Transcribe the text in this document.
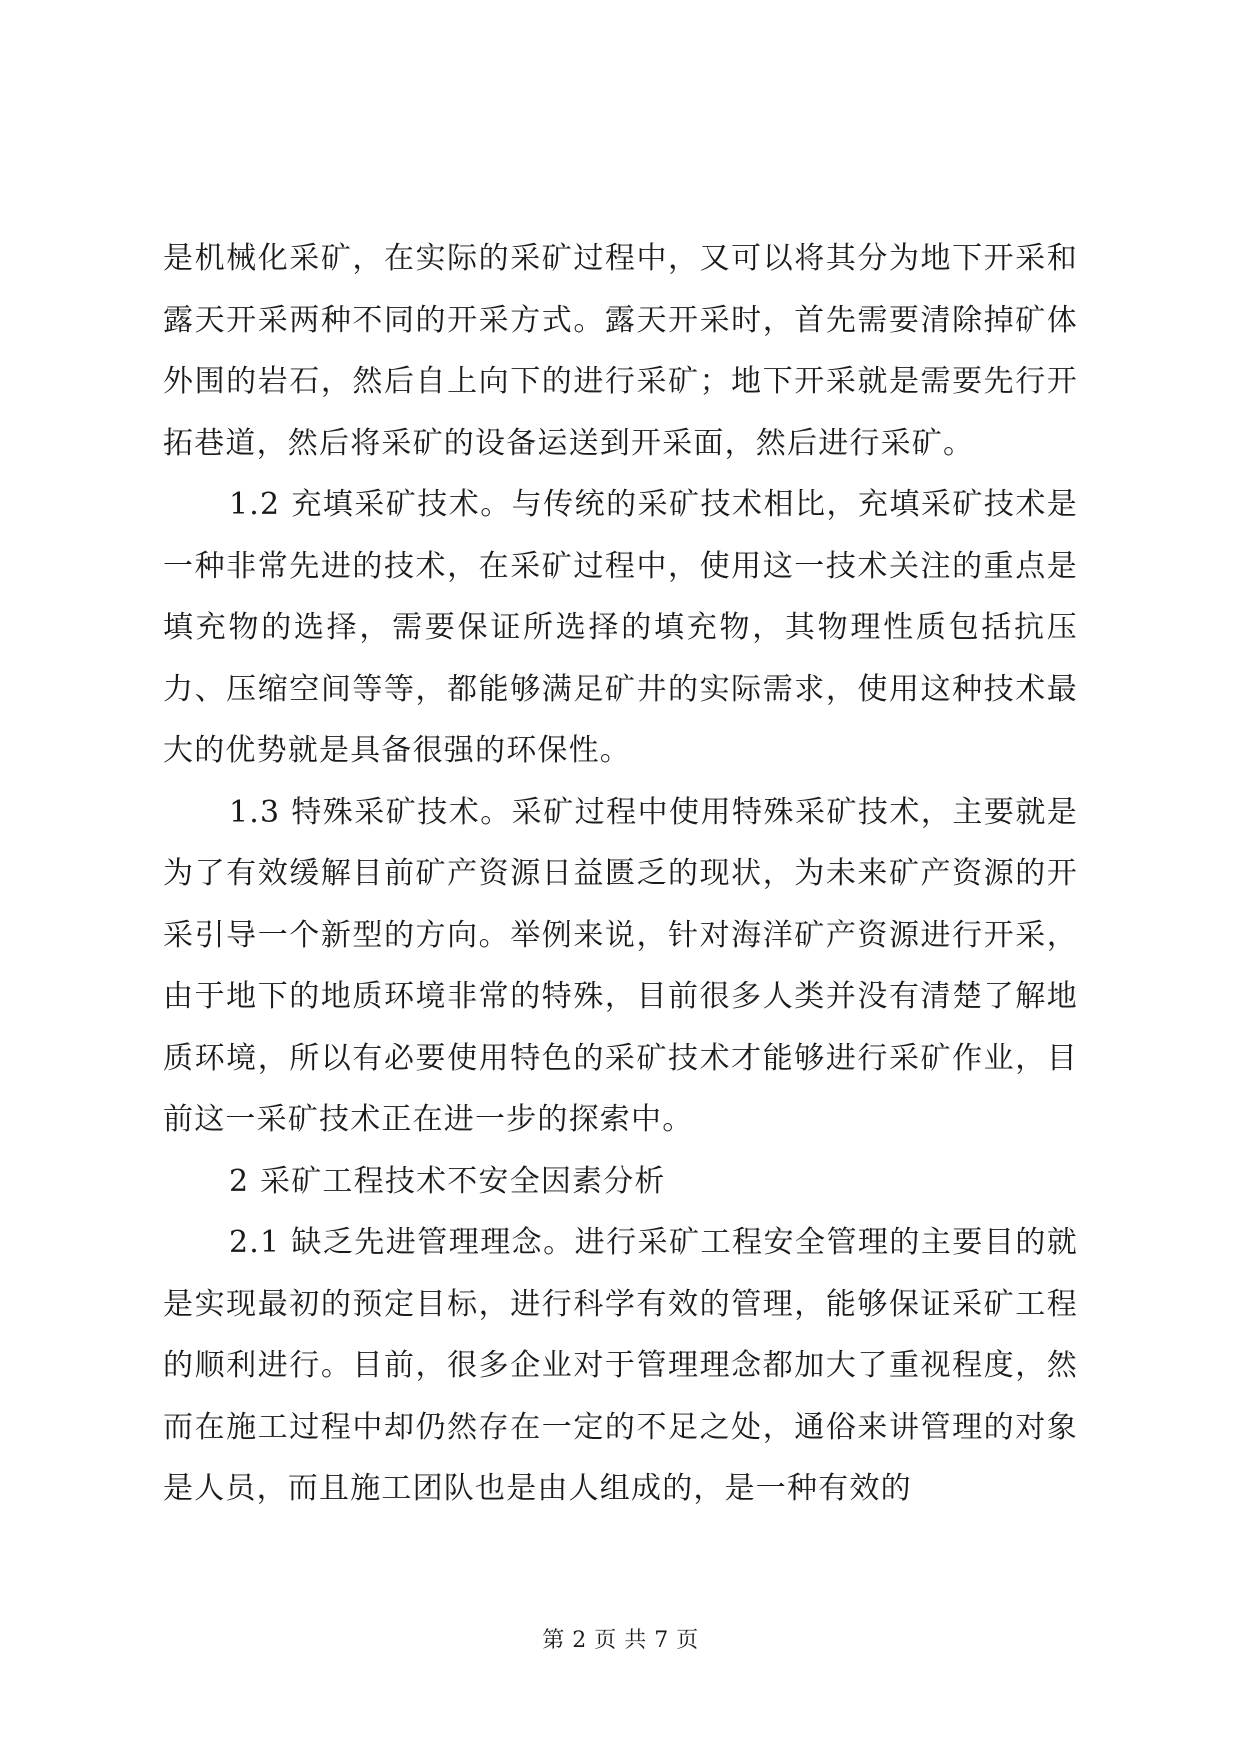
是机械化采矿，在实际的采矿过程中，又可以将其分为地下开采和露天开采两种不同的开采方式。露天开采时，首先需要清除掉矿体外围的岩石，然后自上向下的进行采矿；地下开采就是需要先行开拓巷道，然后将采矿的设备运送到开采面，然后进行采矿。

1.2 充填采矿技术。与传统的采矿技术相比，充填采矿技术是一种非常先进的技术，在采矿过程中，使用这一技术关注的重点是填充物的选择，需要保证所选择的填充物，其物理性质包括抗压力、压缩空间等等，都能够满足矿井的实际需求，使用这种技术最大的优势就是具备很强的环保性。

1.3 特殊采矿技术。采矿过程中使用特殊采矿技术，主要就是为了有效缓解目前矿产资源日益匮乏的现状，为未来矿产资源的开采引导一个新型的方向。举例来说，针对海洋矿产资源进行开采，由于地下的地质环境非常的特殊，目前很多人类并没有清楚了解地质环境，所以有必要使用特色的采矿技术才能够进行采矿作业，目前这一采矿技术正在进一步的探索中。

2 采矿工程技术不安全因素分析

2.1 缺乏先进管理理念。进行采矿工程安全管理的主要目的就是实现最初的预定目标，进行科学有效的管理，能够保证采矿工程的顺利进行。目前，很多企业对于管理理念都加大了重视程度，然而在施工过程中却仍然存在一定的不足之处，通俗来讲管理的对象是人员，而且施工团队也是由人组成的，是一种有效的

第 2 页 共 7 页
